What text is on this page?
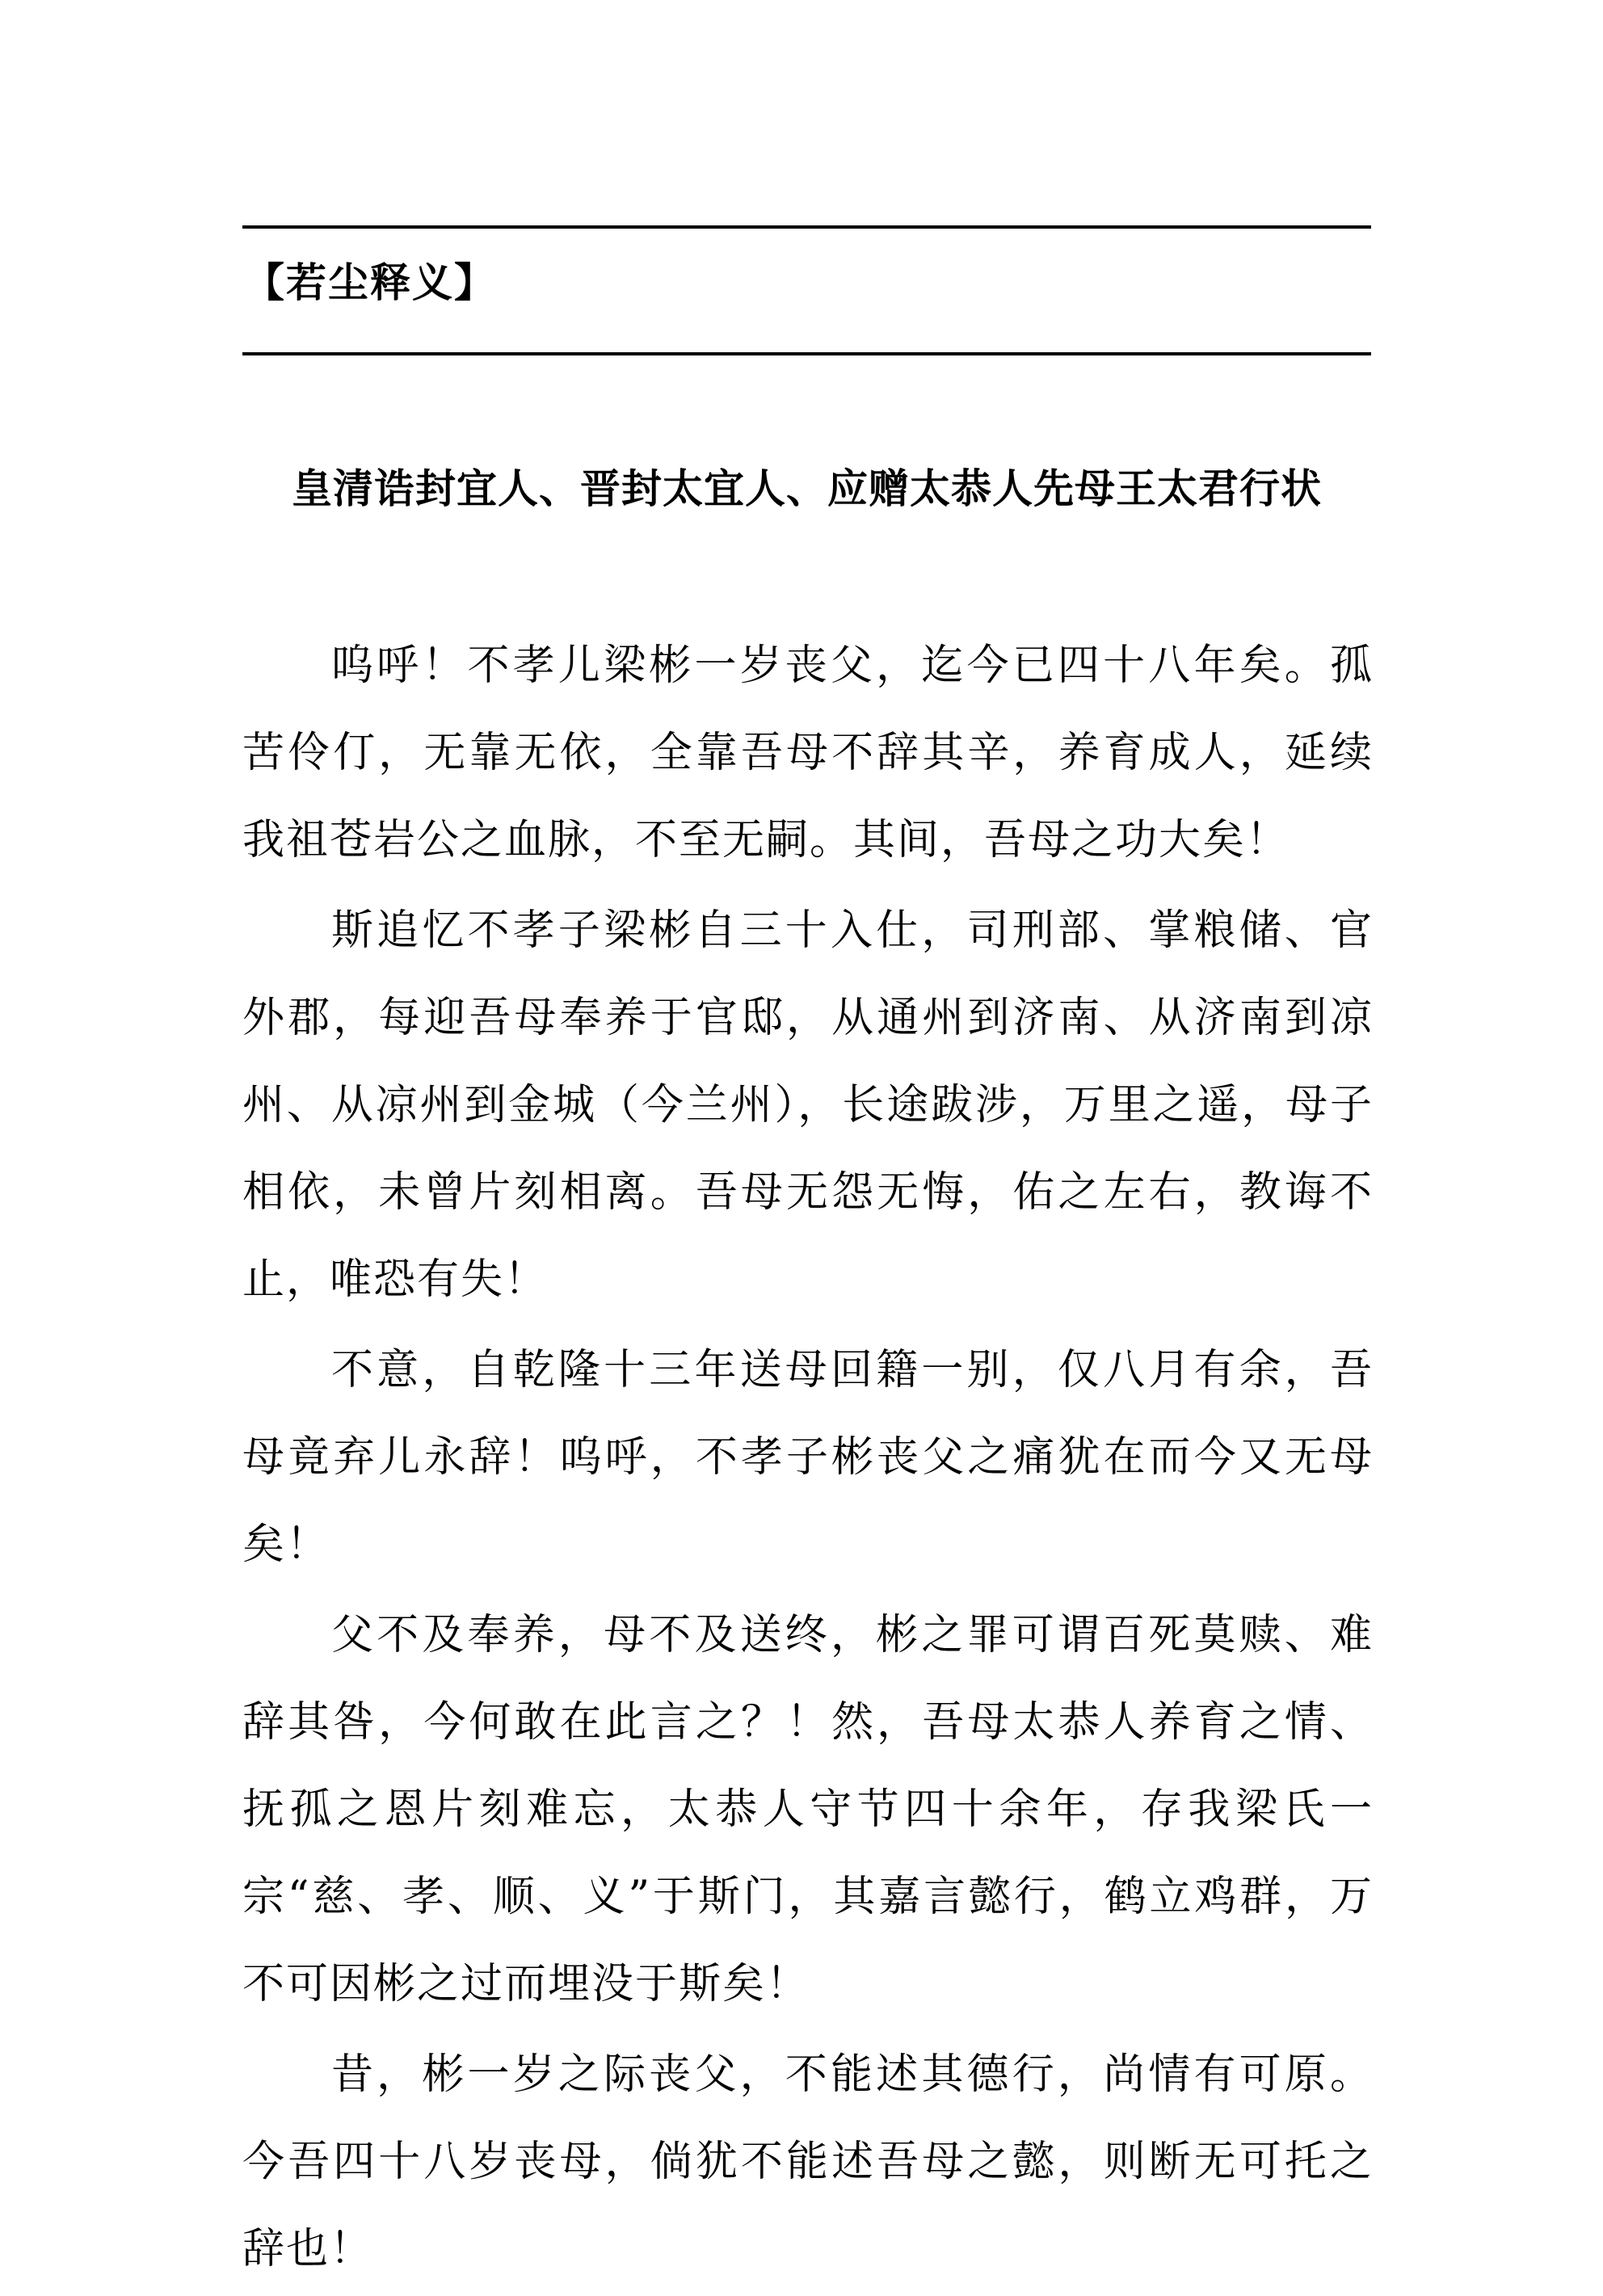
【若尘释义】
皇清诰封宜人、晋封太宜人、应赠太恭人先母王太君行状

呜呼！不孝儿梁彬一岁丧父，迄今已四十八年矣。孤苦伶仃，无靠无依，全靠吾母不辞其辛，养育成人，延续我祖苍岩公之血脉，不至无嗣。其间，吾母之功大矣！

斯追忆不孝子梁彬自三十入仕，司刑部、掌粮储、官外郡，每迎吾母奉养于官邸，从通州到济南、从济南到凉州、从凉州到金城（今兰州），长途跋涉，万里之遥，母子相依，未曾片刻相离。吾母无怨无悔，佑之左右，教诲不止，唯恐有失！

不意，自乾隆十三年送母回籍一别，仅八月有余，吾母竟弃儿永辞！呜呼，不孝子彬丧父之痛犹在而今又无母矣！

父不及奉养，母不及送终，彬之罪可谓百死莫赎、难辞其咎，今何敢在此言之？！然，吾母太恭人养育之情、抚孤之恩片刻难忘，太恭人守节四十余年，存我梁氏一宗“慈、孝、顺、义”于斯门，其嘉言懿行，鹤立鸡群，万不可因彬之过而埋没于斯矣！

昔，彬一岁之际丧父，不能述其德行，尚情有可原。今吾四十八岁丧母，倘犹不能述吾母之懿，则断无可托之辞也！
